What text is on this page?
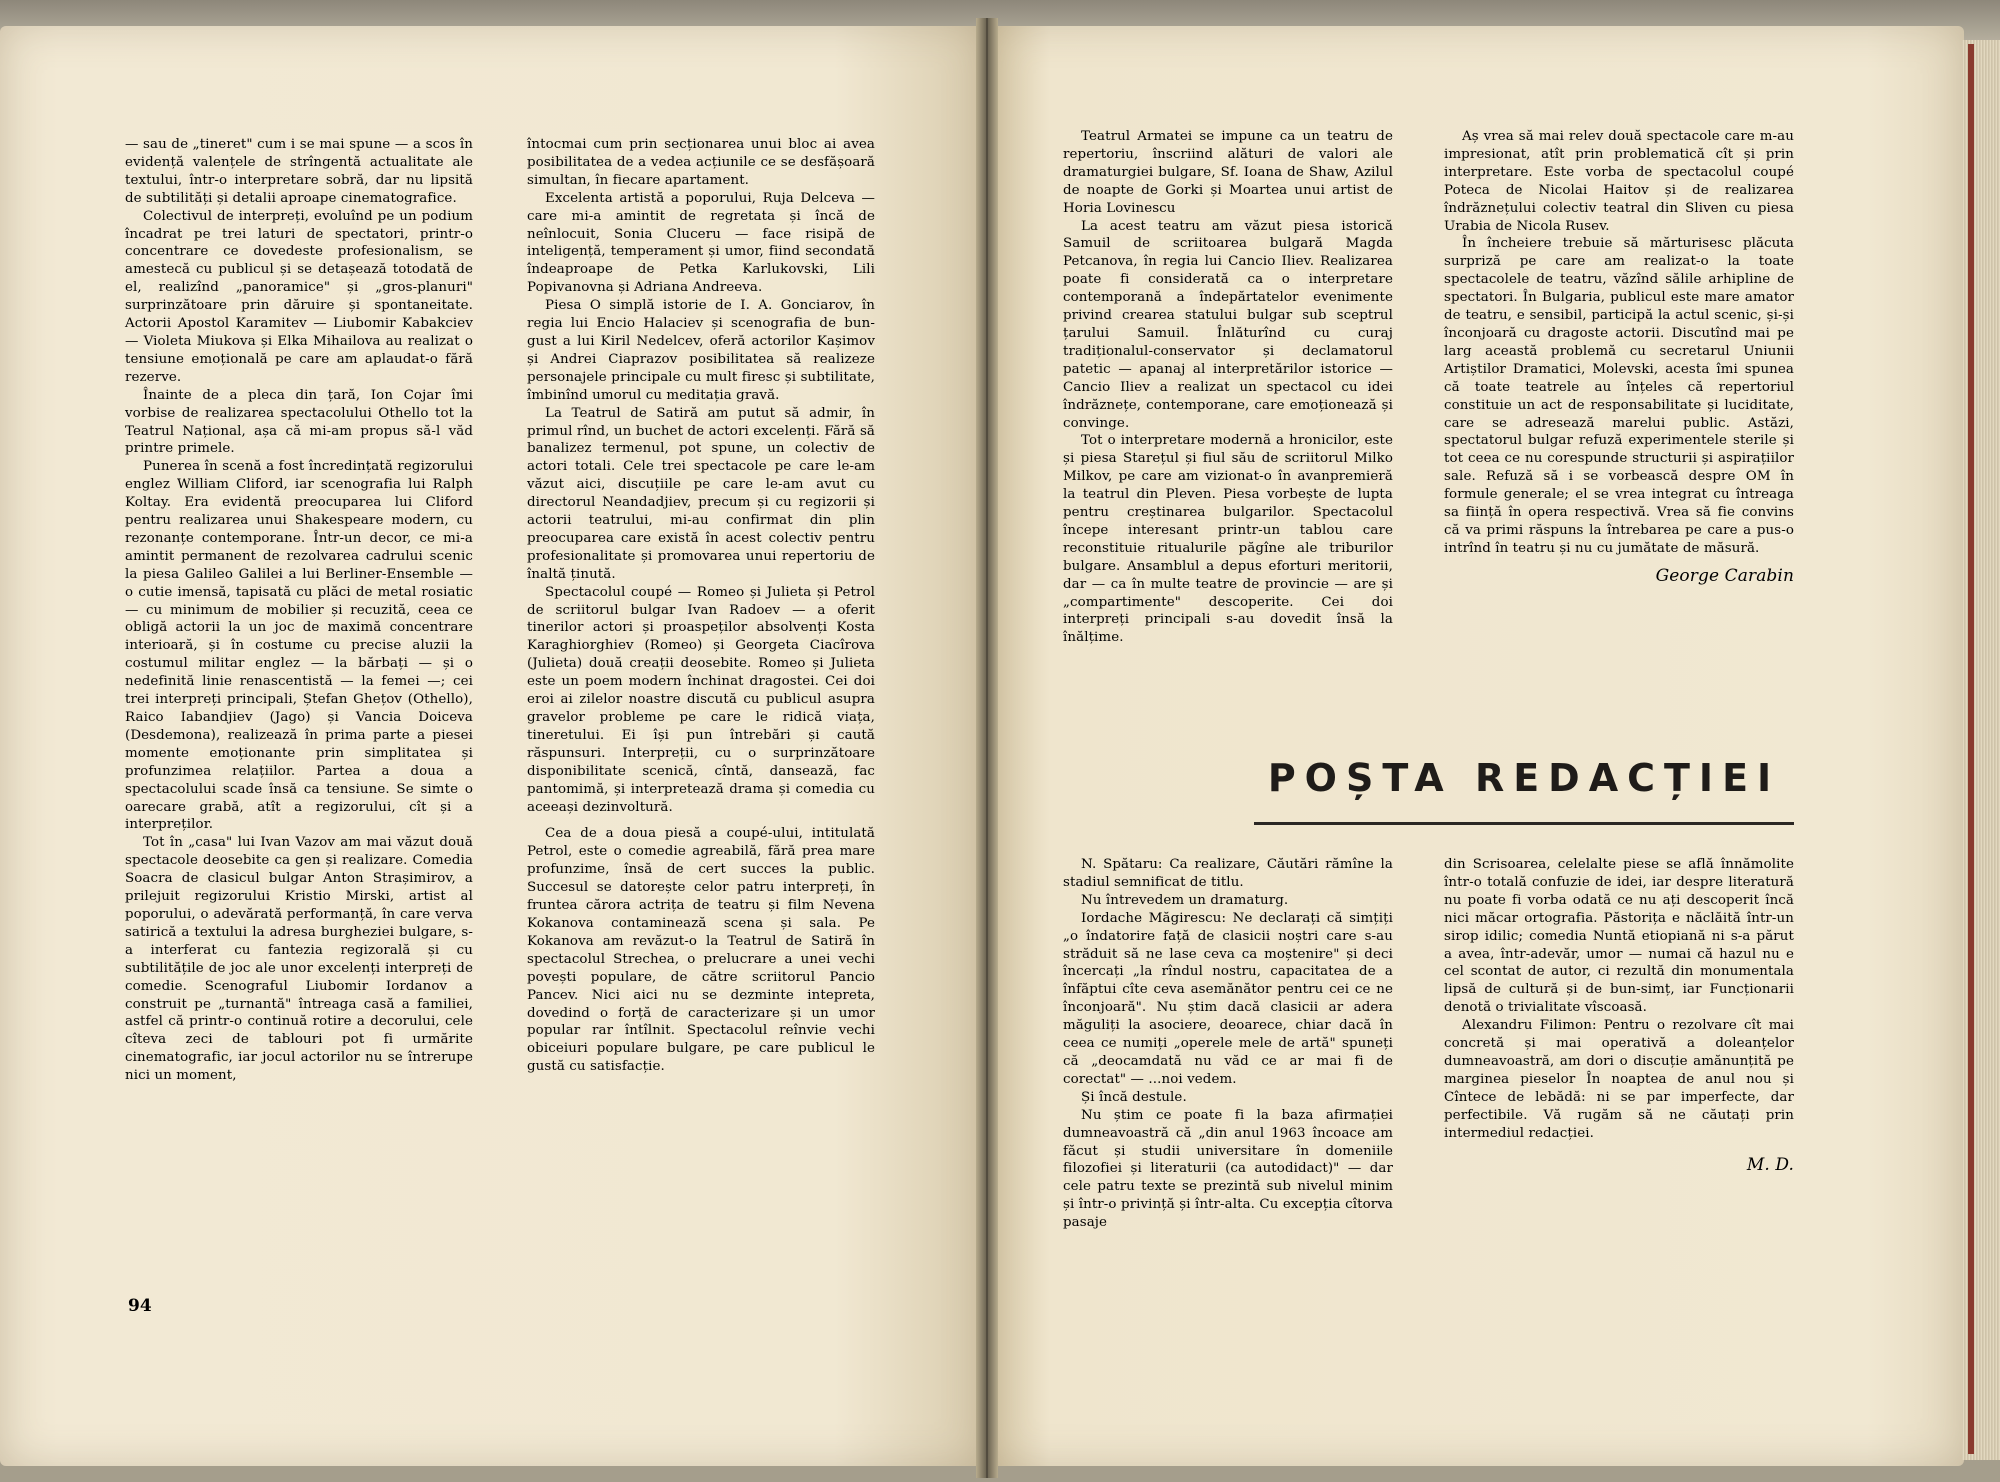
— sau de „tineret" cum i se mai spune — a scos în evidență valențele de strîngentă actualitate ale textului, într-o interpretare sobră, dar nu lipsită de subtilități și detalii aproape cinematografice.

Colectivul de interpreți, evoluînd pe un podium încadrat pe trei laturi de spectatori, printr-o concentrare ce dovedeste profesionalism, se amestecă cu publicul și se detașează totodată de el, realizînd „panoramice" și „gros-planuri" surprinzătoare prin dăruire și spontaneitate. Actorii Apostol Karamitev — Liubomir Kabakciev — Violeta Miukova și Elka Mihailova au realizat o tensiune emoțională pe care am aplaudat-o fără rezerve.

Înainte de a pleca din țară, Ion Cojar îmi vorbise de realizarea spectacolului Othello tot la Teatrul Național, așa că mi-am propus să-l văd printre primele.

Punerea în scenă a fost încredințată regizorului englez William Cliford, iar scenografia lui Ralph Koltay. Era evidentă preocuparea lui Cliford pentru realizarea unui Shakespeare modern, cu rezonanțe contemporane. Într-un decor, ce mi-a amintit permanent de rezolvarea cadrului scenic la piesa Galileo Galilei a lui Berliner-Ensemble — o cutie imensă, tapisată cu plăci de metal rosiatic — cu minimum de mobilier și recuzită, ceea ce obligă actorii la un joc de maximă concentrare interioară, și în costume cu precise aluzii la costumul militar englez — la bărbați — și o nedefinită linie renascentistă — la femei —; cei trei interpreți principali, Ștefan Ghețov (Othello), Raico Iabandjiev (Jago) și Vancia Doiceva (Desdemona), realizează în prima parte a piesei momente emoționante prin simplitatea și profunzimea relațiilor. Partea a doua a spectacolului scade însă ca tensiune. Se simte o oarecare grabă, atît a regizorului, cît și a interpreților.

Tot în „casa" lui Ivan Vazov am mai văzut două spectacole deosebite ca gen și realizare. Comedia Soacra de clasicul bulgar Anton Strașimirov, a prilejuit regizorului Kristio Mirski, artist al poporului, o adevărată performanță, în care verva satirică a textului la adresa burgheziei bulgare, s-a interferat cu fantezia regizorală și cu subtilitățile de joc ale unor excelenți interpreți de comedie. Scenograful Liubomir Iordanov a construit pe „turnantă" întreaga casă a familiei, astfel că printr-o continuă rotire a decorului, cele cîteva zeci de tablouri pot fi urmărite cinematografic, iar jocul actorilor nu se întrerupe nici un moment,

întocmai cum prin secționarea unui bloc ai avea posibilitatea de a vedea acțiunile ce se desfășoară simultan, în fiecare apartament.

Excelenta artistă a poporului, Ruja Delceva — care mi-a amintit de regretata și încă de neînlocuit, Sonia Cluceru — face risipă de inteligență, temperament și umor, fiind secondată îndeaproape de Petka Karlukovski, Lili Popivanovna și Adriana Andreeva.

Piesa O simplă istorie de I. A. Gonciarov, în regia lui Encio Halaciev și scenografia de bun-gust a lui Kiril Nedelcev, oferă actorilor Kașimov și Andrei Ciaprazov posibilitatea să realizeze personajele principale cu mult firesc și subtilitate, îmbinînd umorul cu meditația gravă.

La Teatrul de Satiră am putut să admir, în primul rînd, un buchet de actori excelenți. Fără să banalizez termenul, pot spune, un colectiv de actori totali. Cele trei spectacole pe care le-am văzut aici, discuțiile pe care le-am avut cu directorul Neandadjiev, precum și cu regizorii și actorii teatrului, mi-au confirmat din plin preocuparea care există în acest colectiv pentru profesionalitate și promovarea unui repertoriu de înaltă ținută.

Spectacolul coupé — Romeo și Julieta și Petrol de scriitorul bulgar Ivan Radoev — a oferit tinerilor actori și proaspeților absolvenți Kosta Karaghiorghiev (Romeo) și Georgeta Ciacîrova (Julieta) două creații deosebite. Romeo și Julieta este un poem modern închinat dragostei. Cei doi eroi ai zilelor noastre discută cu publicul asupra gravelor probleme pe care le ridică viața, tineretului. Ei își pun întrebări și caută răspunsuri. Interpreții, cu o surprinzătoare disponibilitate scenică, cîntă, dansează, fac pantomimă, și interpretează drama și comedia cu aceeași dezinvoltură.

Cea de a doua piesă a coupé-ului, intitulată Petrol, este o comedie agreabilă, fără prea mare profunzime, însă de cert succes la public. Succesul se datorește celor patru interpreți, în fruntea cărora actrița de teatru și film Nevena Kokanova contaminează scena și sala. Pe Kokanova am revăzut-o la Teatrul de Satiră în spectacolul Strechea, o prelucrare a unei vechi povești populare, de către scriitorul Pancio Pancev. Nici aici nu se dezminte intepreta, dovedind o forță de caracterizare și un umor popular rar întîlnit. Spectacolul reînvie vechi obiceiuri populare bulgare, pe care publicul le gustă cu satisfacție.

94

Teatrul Armatei se impune ca un teatru de repertoriu, înscriind alături de valori ale dramaturgiei bulgare, Sf. Ioana de Shaw, Azilul de noapte de Gorki și Moartea unui artist de Horia Lovinescu

La acest teatru am văzut piesa istorică Samuil de scriitoarea bulgară Magda Petcanova, în regia lui Cancio Iliev. Realizarea poate fi considerată ca o interpretare contemporană a îndepărtatelor evenimente privind crearea statului bulgar sub sceptrul țarului Samuil. Înlăturînd cu curaj tradiționalul-conservator și declamatorul patetic — apanaj al interpretărilor istorice — Cancio Iliev a realizat un spectacol cu idei îndrăznețe, contemporane, care emoționează și convinge.

Tot o interpretare modernă a hronicilor, este și piesa Starețul și fiul său de scriitorul Milko Milkov, pe care am vizionat-o în avanpremieră la teatrul din Pleven. Piesa vorbește de lupta pentru creștinarea bulgarilor. Spectacolul începe interesant printr-un tablou care reconstituie ritualurile păgîne ale triburilor bulgare. Ansamblul a depus eforturi meritorii, dar — ca în multe teatre de provincie — are și „compartimente" descoperite. Cei doi interpreți principali s-au dovedit însă la înălțime.

Aș vrea să mai relev două spectacole care m-au impresionat, atît prin problematică cît și prin interpretare. Este vorba de spectacolul coupé Poteca de Nicolai Haitov și de realizarea îndrăznețului colectiv teatral din Sliven cu piesa Urabia de Nicola Rusev.

În încheiere trebuie să mărturisesc plăcuta surpriză pe care am realizat-o la toate spectacolele de teatru, văzînd sălile arhipline de spectatori. În Bulgaria, publicul este mare amator de teatru, e sensibil, participă la actul scenic, și-și înconjoară cu dragoste actorii. Discutînd mai pe larg această problemă cu secretarul Uniunii Artiștilor Dramatici, Molevski, acesta îmi spunea că toate teatrele au înțeles că repertoriul constituie un act de responsabilitate și luciditate, care se adresează marelui public. Astăzi, spectatorul bulgar refuză experimentele sterile și tot ceea ce nu corespunde structurii și aspirațiilor sale. Refuză să i se vorbească despre OM în formule generale; el se vrea integrat cu întreaga sa ființă în opera respectivă. Vrea să fie convins că va primi răspuns la întrebarea pe care a pus-o intrînd în teatru și nu cu jumătate de măsură.

George Carabin
POȘTA REDACȚIEI

N. Spătaru: Ca realizare, Căutări rămîne la stadiul semnificat de titlu.

Nu întrevedem un dramaturg.

Iordache Măgirescu: Ne declarați că simțiți „o îndatorire față de clasicii noștri care s-au străduit să ne lase ceva ca moștenire" și deci încercați „la rîndul nostru, capacitatea de a înfăptui cîte ceva asemănător pentru cei ce ne înconjoară". Nu știm dacă clasicii ar adera măguliți la asociere, deoarece, chiar dacă în ceea ce numiți „operele mele de artă" spuneți că „deocamdată nu văd ce ar mai fi de corectat" — ...noi vedem.

Și încă destule.

Nu știm ce poate fi la baza afirmației dumneavoastră că „din anul 1963 încoace am făcut și studii universitare în domeniile filozofiei și literaturii (ca autodidact)" — dar cele patru texte se prezintă sub nivelul minim și într-o privință și într-alta. Cu excepția cîtorva pasaje

din Scrisoarea, celelalte piese se află înnămolite într-o totală confuzie de idei, iar despre literatură nu poate fi vorba odată ce nu ați descoperit încă nici măcar ortografia. Păstorița e năclăită într-un sirop idilic; comedia Nuntă etiopiană ni s-a părut a avea, într-adevăr, umor — numai că hazul nu e cel scontat de autor, ci rezultă din monumentala lipsă de cultură și de bun-simț, iar Funcționarii denotă o trivialitate vîscoasă.

Alexandru Filimon: Pentru o rezolvare cît mai concretă și mai operativă a doleanțelor dumneavoastră, am dori o discuție amănunțită pe marginea pieselor În noaptea de anul nou și Cîntece de lebădă: ni se par imperfecte, dar perfectibile. Vă rugăm să ne căutați prin intermediul redacției.

M. D.
